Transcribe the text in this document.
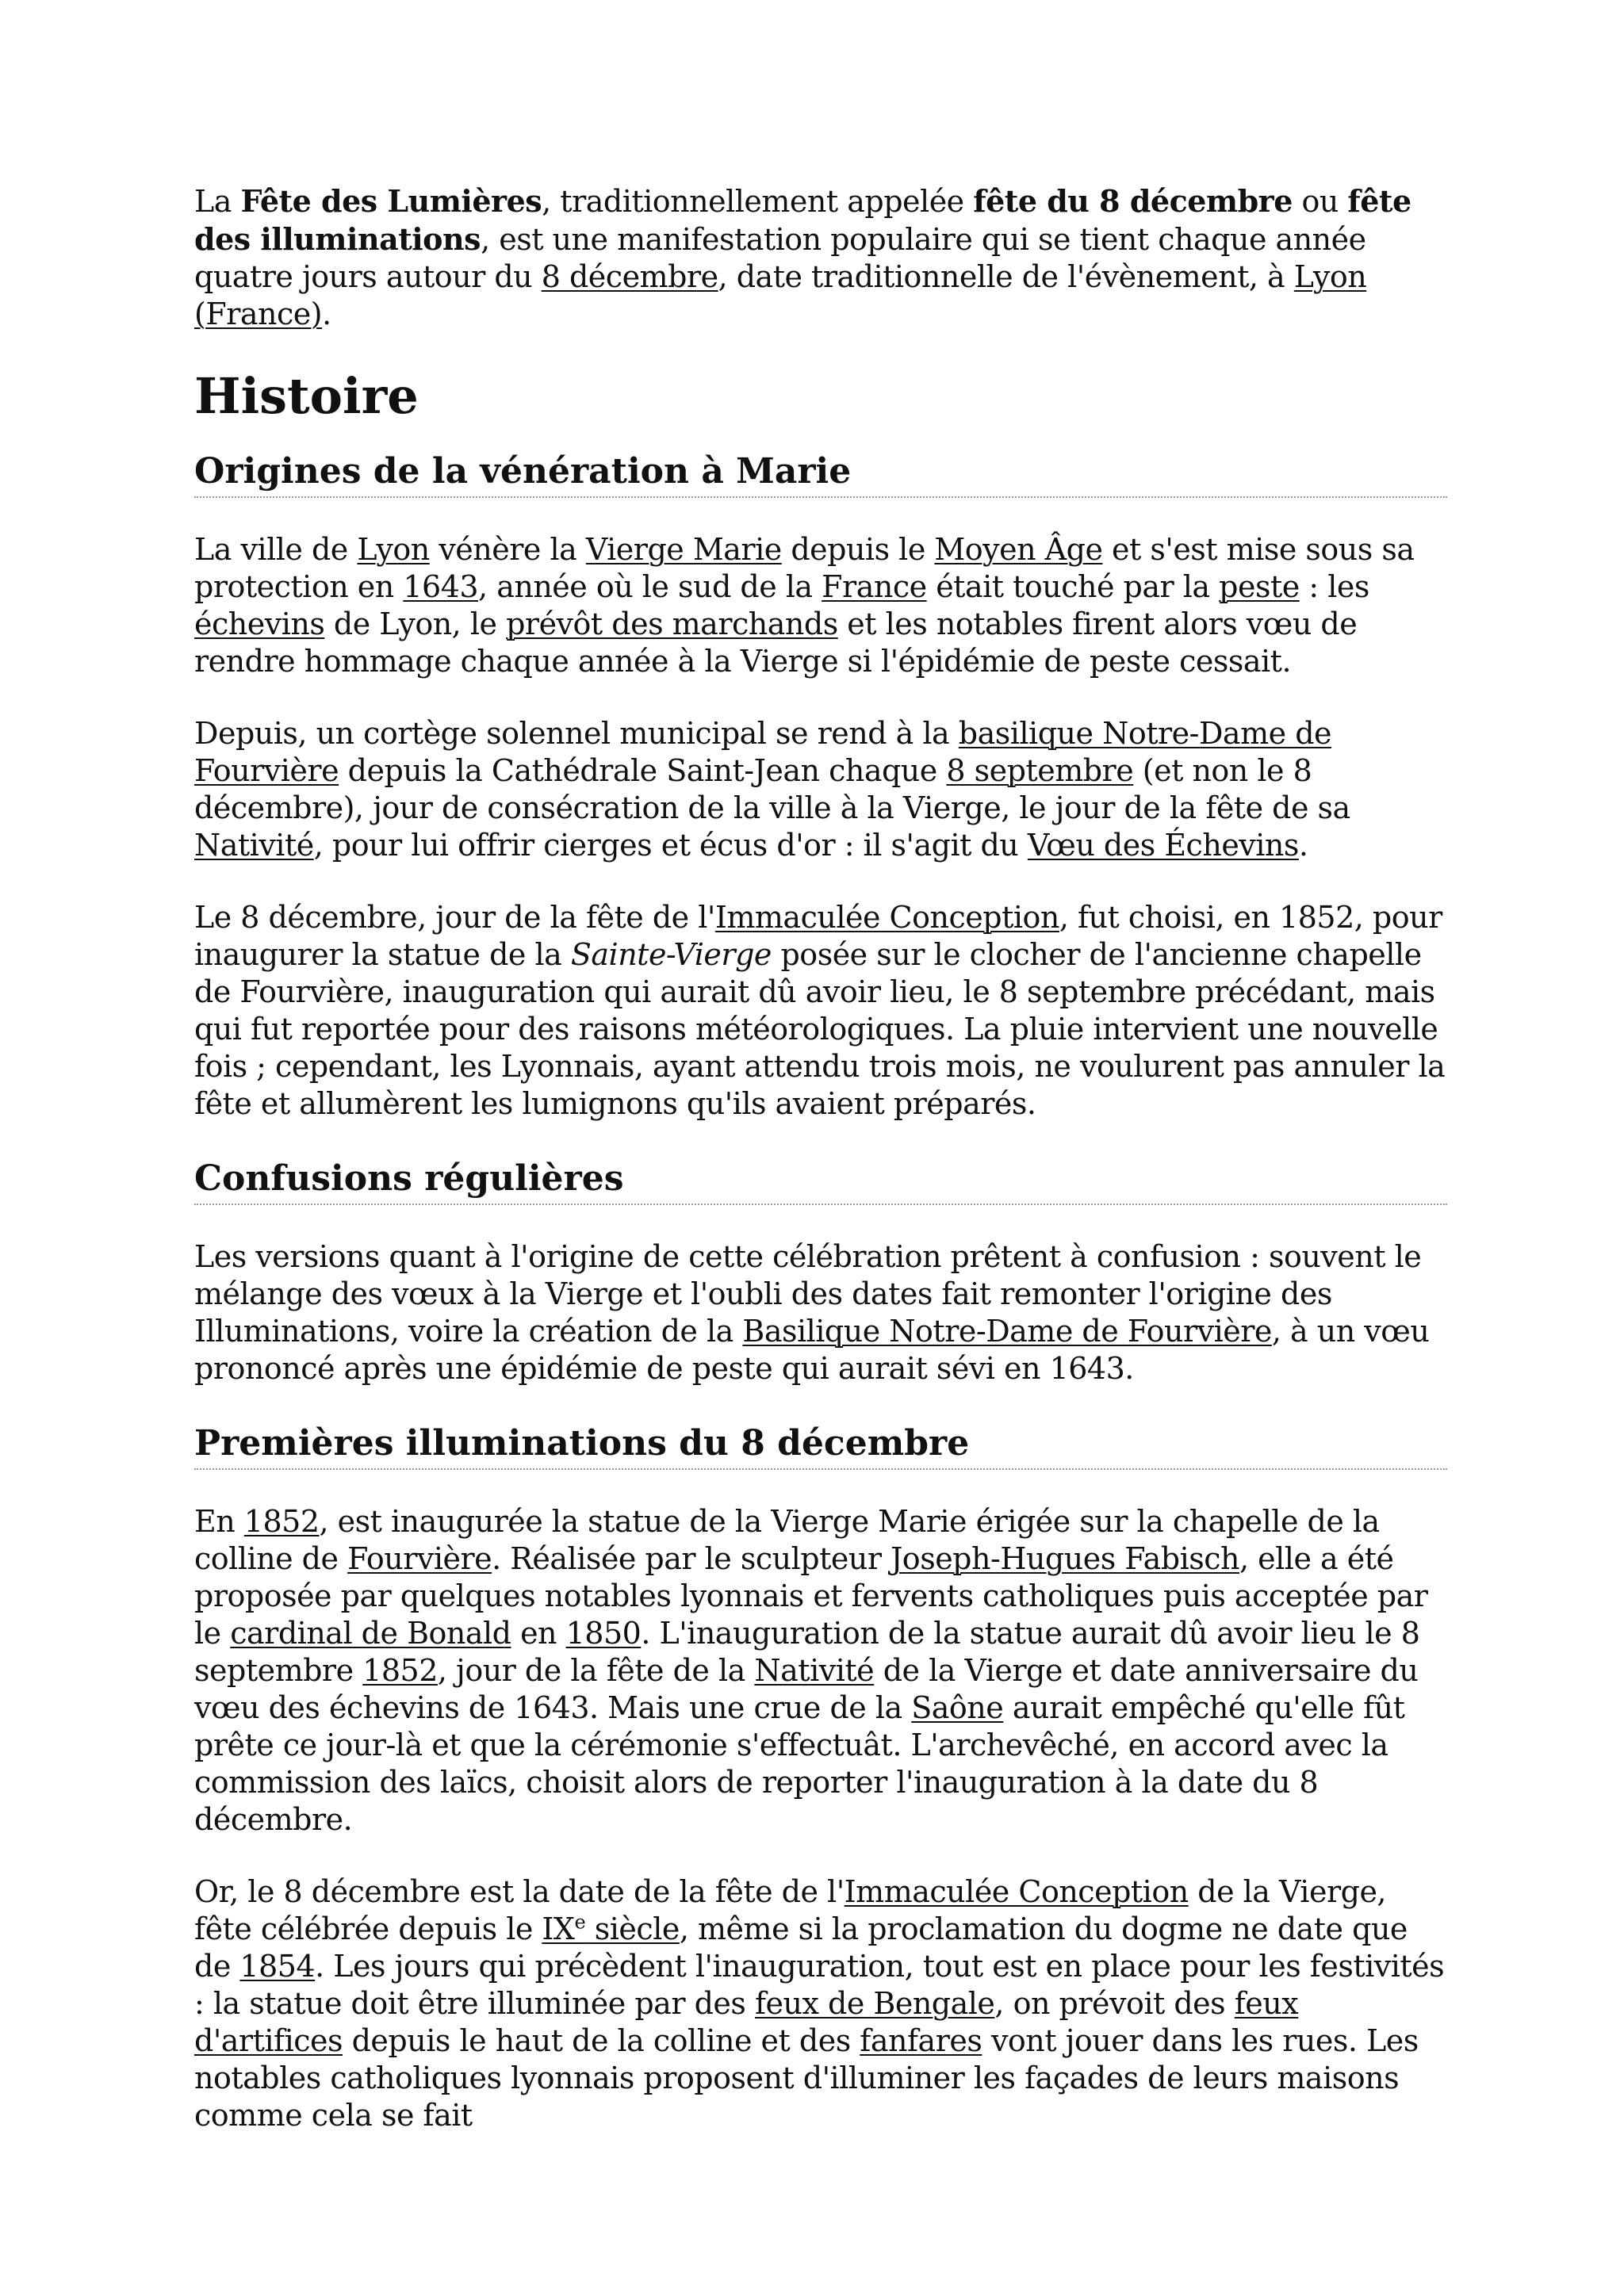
La Fête des Lumières, traditionnellement appelée fête du 8 décembre ou fête des illuminations, est une manifestation populaire qui se tient chaque année quatre jours autour du 8 décembre, date traditionnelle de l'évènement, à Lyon (France).

Histoire
Origines de la vénération à Marie

La ville de Lyon vénère la Vierge Marie depuis le Moyen Âge et s'est mise sous sa protection en 1643, année où le sud de la France était touché par la peste : les échevins de Lyon, le prévôt des marchands et les notables firent alors vœu de rendre hommage chaque année à la Vierge si l'épidémie de peste cessait.

Depuis, un cortège solennel municipal se rend à la basilique Notre-Dame de Fourvière depuis la Cathédrale Saint-Jean chaque 8 septembre (et non le 8 décembre), jour de consécration de la ville à la Vierge, le jour de la fête de sa Nativité, pour lui offrir cierges et écus d'or : il s'agit du Vœu des Échevins.

Le 8 décembre, jour de la fête de l'Immaculée Conception, fut choisi, en 1852, pour inaugurer la statue de la Sainte-Vierge posée sur le clocher de l'ancienne chapelle de Fourvière, inauguration qui aurait dû avoir lieu, le 8 septembre précédant, mais qui fut reportée pour des raisons météorologiques. La pluie intervient une nouvelle fois ; cependant, les Lyonnais, ayant attendu trois mois, ne voulurent pas annuler la fête et allumèrent les lumignons qu'ils avaient préparés.

Confusions régulières

Les versions quant à l'origine de cette célébration prêtent à confusion : souvent le mélange des vœux à la Vierge et l'oubli des dates fait remonter l'origine des Illuminations, voire la création de la Basilique Notre-Dame de Fourvière, à un vœu prononcé après une épidémie de peste qui aurait sévi en 1643.

Premières illuminations du 8 décembre

En 1852, est inaugurée la statue de la Vierge Marie érigée sur la chapelle de la colline de Fourvière. Réalisée par le sculpteur Joseph-Hugues Fabisch, elle a été proposée par quelques notables lyonnais et fervents catholiques puis acceptée par le cardinal de Bonald en 1850. L'inauguration de la statue aurait dû avoir lieu le 8 septembre 1852, jour de la fête de la Nativité de la Vierge et date anniversaire du vœu des échevins de 1643. Mais une crue de la Saône aurait empêché qu'elle fût prête ce jour-là et que la cérémonie s'effectuât. L'archevêché, en accord avec la commission des laïcs, choisit alors de reporter l'inauguration à la date du 8 décembre.

Or, le 8 décembre est la date de la fête de l'Immaculée Conception de la Vierge, fête célébrée depuis le IXe siècle, même si la proclamation du dogme ne date que de 1854. Les jours qui précèdent l'inauguration, tout est en place pour les festivités : la statue doit être illuminée par des feux de Bengale, on prévoit des feux d'artifices depuis le haut de la colline et des fanfares vont jouer dans les rues. Les notables catholiques lyonnais proposent d'illuminer les façades de leurs maisons comme cela se fait
